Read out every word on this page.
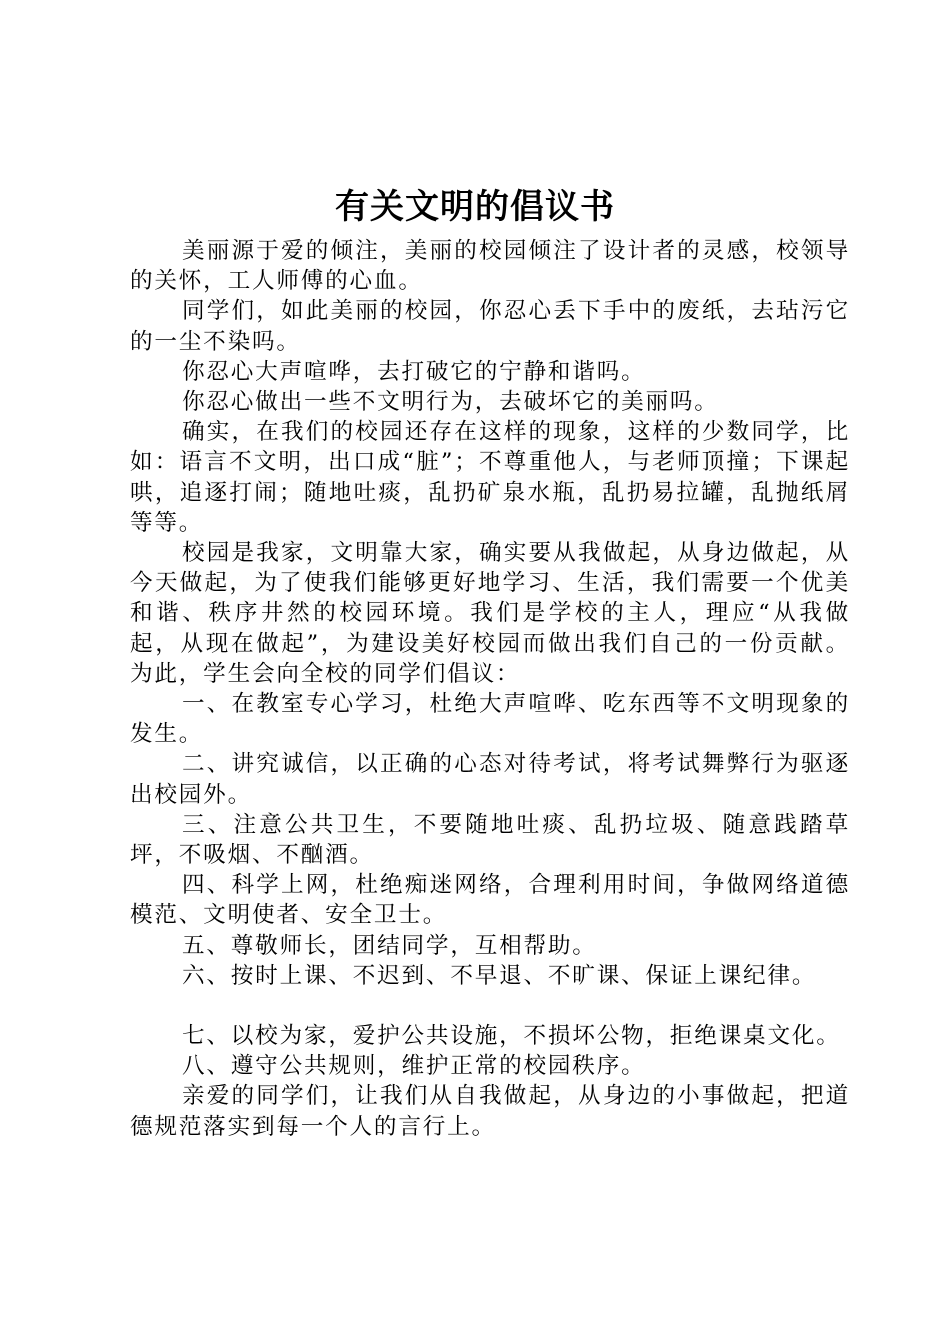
有关文明的倡议书

美丽源于爱的倾注，美丽的校园倾注了设计者的灵感，校领导的关怀，工人师傅的心血。

同学们，如此美丽的校园，你忍心丢下手中的废纸，去玷污它的一尘不染吗。

你忍心大声喧哗，去打破它的宁静和谐吗。

你忍心做出一些不文明行为，去破坏它的美丽吗。

确实，在我们的校园还存在这样的现象，这样的少数同学，比如：语言不文明，出口成“脏”；不尊重他人，与老师顶撞；下课起哄，追逐打闹；随地吐痰，乱扔矿泉水瓶，乱扔易拉罐，乱抛纸屑等等。

校园是我家，文明靠大家，确实要从我做起，从身边做起，从今天做起，为了使我们能够更好地学习、生活，我们需要一个优美和谐、秩序井然的校园环境。我们是学校的主人，理应“从我做起，从现在做起”，为建设美好校园而做出我们自己的一份贡献。为此，学生会向全校的同学们倡议：

一、在教室专心学习，杜绝大声喧哗、吃东西等不文明现象的发生。

二、讲究诚信，以正确的心态对待考试，将考试舞弊行为驱逐出校园外。

三、注意公共卫生，不要随地吐痰、乱扔垃圾、随意践踏草坪，不吸烟、不酗酒。

四、科学上网，杜绝痴迷网络，合理利用时间，争做网络道德模范、文明使者、安全卫士。

五、尊敬师长，团结同学，互相帮助。

六、按时上课、不迟到、不早退、不旷课、保证上课纪律。

七、以校为家，爱护公共设施，不损坏公物，拒绝课桌文化。

八、遵守公共规则，维护正常的校园秩序。

亲爱的同学们，让我们从自我做起，从身边的小事做起，把道德规范落实到每一个人的言行上。
